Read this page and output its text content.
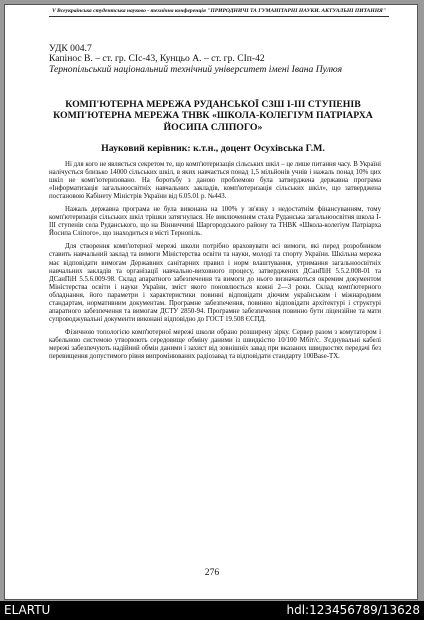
V Всеукраїнська студентська науково - технічна конференція "ПРИРОДНИЧІ ТА ГУМАНІТАРНІ НАУКИ. АКТУАЛЬНІ ПИТАННЯ"
УДК 004.7
Капінос В. – ст. гр. СІс-43, Кунцьо А. – ст. гр. СІп-42
Тернопільський національний технічний університет імені Івана Пулюя
КОМП'ЮТЕРНА МЕРЕЖА РУДАНСЬКОЇ СЗШ І-ІІІ СТУПЕНІВ КОМП'ЮТЕРНА МЕРЕЖА ТНВК «ШКОЛА-КОЛЕГІУМ ПАТРІАРХА ЙОСИПА СЛІПОГО»
Науковий керівник: к.т.н., доцент Осухівська Г.М.

Ні для кого не являється секретом те, що комп'ютеризація сільських шкіл – це лише питання часу. В Україні налічується близько 14000 сільських шкіл, в яких навчається понад 1,5 мільйонів учнів і нажаль понад 10% цих шкіл не комп'ютеризовано. На боротьбу з даною проблемою була затверджена державна програма «Інформатизація загальноосвітніх навчальних закладів, комп'ютеризація сільських шкіл», що затверджена постановою Кабінету Міністрів України від 6.05.01 р. №443.

Нажаль державна програма не була виконана на 100% у зв'язку з недостатнім фінансуванням, тому комп'ютеризація сільських шкіл трішки затягнулася. Не виключенням стала Руданська загальноосвітня школа І-ІІІ ступенів села Руданського, що на Вінниччині Шаргородського району та ТНВК «Школа-колегіум Патріарха Йосипа Сліпого», що знаходиться в місті Тернопіль.

Для створення комп'ютерної мережі школи потрібно враховувати всі вимоги, які перед розробником ставить навчальний заклад та вимоги Міністерства освіти та науки, молоді та спорту України. Шкільна мережа має відповідати вимогам Державних санітарних правил і норм влаштування, утримання загальноосвітніх навчальних закладів та організації навчально-виховного процесу, затверджених ДСанПіН 5.5.2.008-01 та ДСанПіН 5.5.6.009-98. Склад апаратного забезпечення та вимоги до нього визначаються окремим документом Міністерства освіти і науки України, зміст якого поновлюється кожні 2—3 роки. Склад комп'ютерного обладнання, його параметри і характеристики повинні відповідати діючим українським і міжнародним стандартам, нормативним документам. Програмне забезпечення, повинно відповідати архітектурі і структурі апаратного забезпечення та вимогам ДСТУ 2850-94. Програмне забезпечення повинно бути ліцензійне та мати супроводжувальні документи виконані відповідно до ГОСТ 19.508 ЄСПД.

Фізичною топологією комп'ютерної мережі школи обрано розширену зірку. Сервер разом з комутатором і кабельною системою утворюють середовище обміну даними із швидкістю 10/100 Мбіт/с. З'єднувальні кабелі мережі забезпечують надійний обмін даними і захист від зовнішніх завад при вказаних швидкостях передачі без перевищення допустимого рівня випромінюваних радіозавад та відповідати стандарту 100Base-TX.

276
ELARTU	hdl:123456789/13628
